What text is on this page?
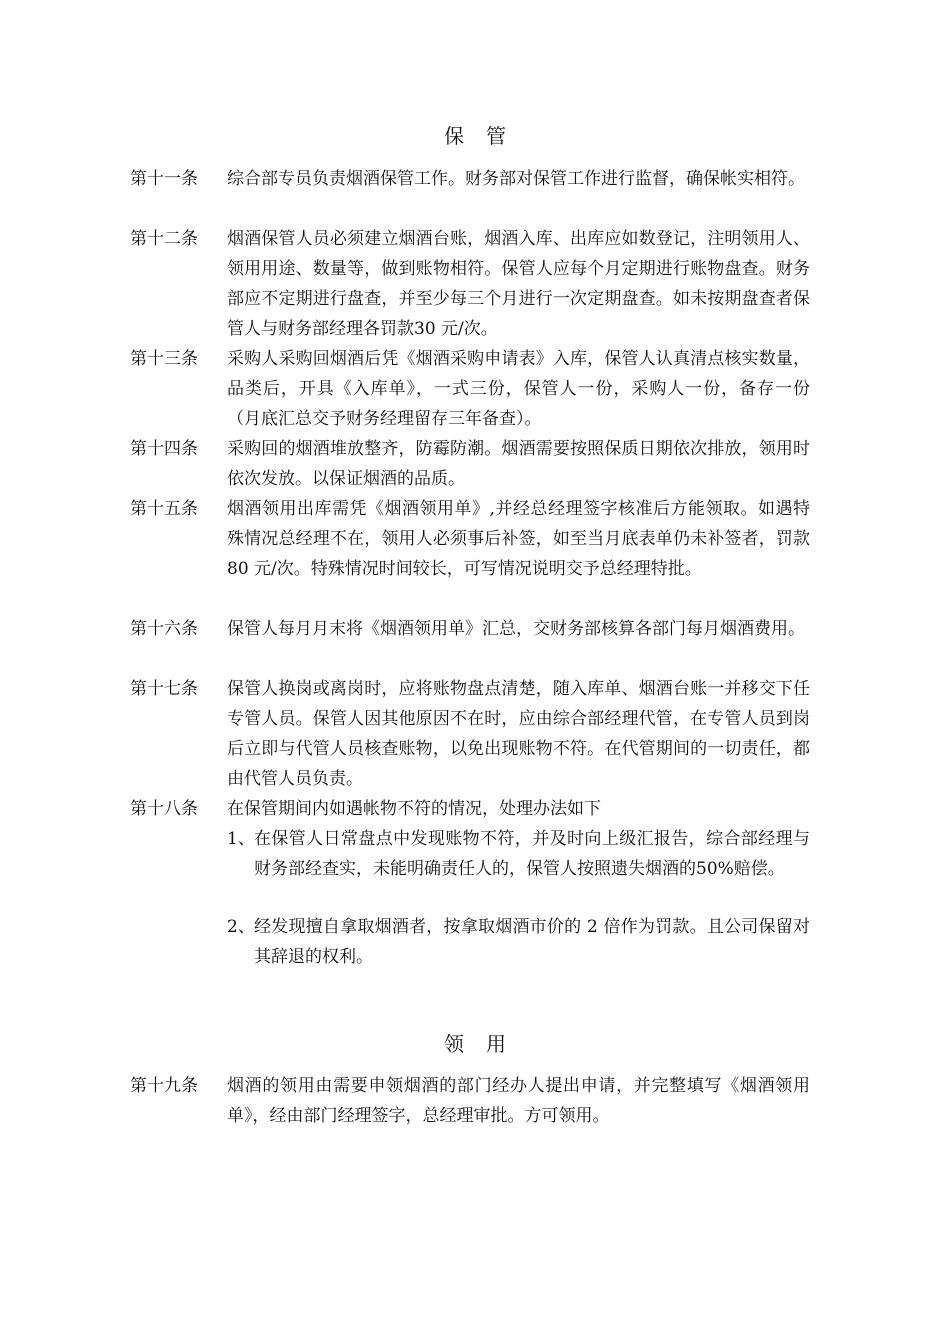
保管
第十一条	综合部专员负责烟酒保管工作。财务部对保管工作进行监督，确保帐实相符。
第十二条	烟酒保管人员必须建立烟酒台账，烟酒入库、出库应如数登记，注明领用人、领用用途、数量等，做到账物相符。保管人应每个月定期进行账物盘查。财务部应不定期进行盘查，并至少每三个月进行一次定期盘查。如未按期盘查者保管人与财务部经理各罚款30 元/次。
第十三条	采购人采购回烟酒后凭《烟酒采购申请表》入库，保管人认真清点核实数量，品类后，开具《入库单》，一式三份，保管人一份，采购人一份，备存一份（月底汇总交予财务经理留存三年备查）。
第十四条	采购回的烟酒堆放整齐，防霉防潮。烟酒需要按照保质日期依次排放，领用时依次发放。以保证烟酒的品质。
第十五条	烟酒领用出库需凭《烟酒领用单》,并经总经理签字核准后方能领取。如遇特殊情况总经理不在，领用人必须事后补签，如至当月底表单仍未补签者，罚款 80 元/次。特殊情况时间较长，可写情况说明交予总经理特批。
第十六条	保管人每月月末将《烟酒领用单》汇总，交财务部核算各部门每月烟酒费用。
第十七条	保管人换岗或离岗时，应将账物盘点清楚，随入库单、烟酒台账一并移交下任专管人员。保管人因其他原因不在时，应由综合部经理代管，在专管人员到岗后立即与代管人员核查账物，以免出现账物不符。在代管期间的一切责任，都由代管人员负责。
第十八条	在保管期间内如遇帐物不符的情况，处理办法如下
1、 在保管人日常盘点中发现账物不符，并及时向上级汇报告，综合部经理与财务部经查实，未能明确责任人的，保管人按照遗失烟酒的50%赔偿。
2、 经发现擅自拿取烟酒者，按拿取烟酒市价的 2 倍作为罚款。且公司保留对其辞退的权利。
领用
第十九条	烟酒的领用由需要申领烟酒的部门经办人提出申请，并完整填写《烟酒领用单》，经由部门经理签字，总经理审批。方可领用。
